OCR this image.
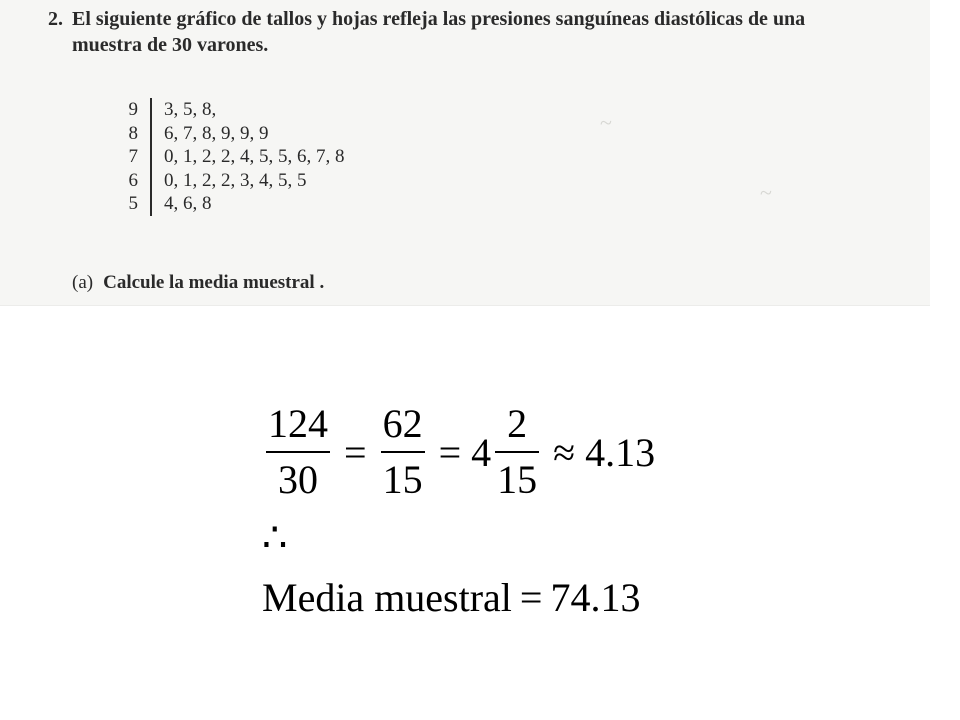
~
~
2. El siguiente gráfico de tallos y hojas refleja las presiones sanguíneas diastólicas de una
muestra de 30 varones.
9 3, 5, 8,
8 6, 7, 8, 9, 9, 9
7 0, 1, 2, 2, 4, 5, 5, 6, 7, 8
6 0, 1, 2, 2, 3, 4, 5, 5
5 4, 6, 8
(a) Calcule la media muestral .
$\frac{124}{30} = \frac{62}{15} = 4 \frac{2}{15} \approx 4.13$
∴
Media muestral = 74.13
